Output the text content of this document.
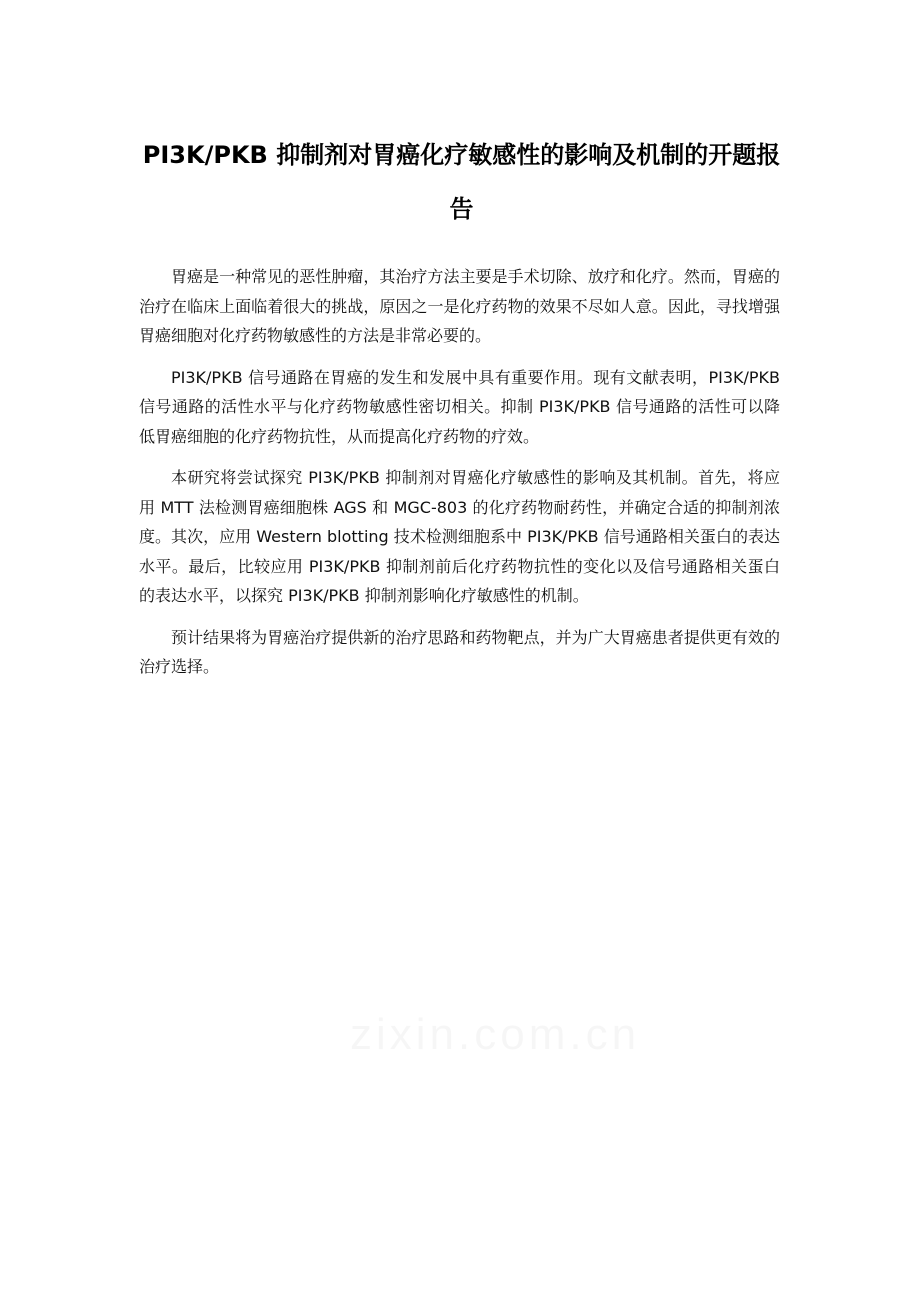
PI3K/PKB 抑制剂对胃癌化疗敏感性的影响及机制的开题报告

胃癌是一种常见的恶性肿瘤，其治疗方法主要是手术切除、放疗和化疗。然而，胃癌的治疗在临床上面临着很大的挑战，原因之一是化疗药物的效果不尽如人意。因此，寻找增强胃癌细胞对化疗药物敏感性的方法是非常必要的。

PI3K/PKB 信号通路在胃癌的发生和发展中具有重要作用。现有文献表明，PI3K/PKB 信号通路的活性水平与化疗药物敏感性密切相关。抑制 PI3K/PKB 信号通路的活性可以降低胃癌细胞的化疗药物抗性，从而提高化疗药物的疗效。

本研究将尝试探究 PI3K/PKB 抑制剂对胃癌化疗敏感性的影响及其机制。首先，将应用 MTT 法检测胃癌细胞株 AGS 和 MGC-803 的化疗药物耐药性，并确定合适的抑制剂浓度。其次，应用 Western blotting 技术检测细胞系中 PI3K/PKB 信号通路相关蛋白的表达水平。最后，比较应用 PI3K/PKB 抑制剂前后化疗药物抗性的变化以及信号通路相关蛋白的表达水平，以探究 PI3K/PKB 抑制剂影响化疗敏感性的机制。

预计结果将为胃癌治疗提供新的治疗思路和药物靶点，并为广大胃癌患者提供更有效的治疗选择。
